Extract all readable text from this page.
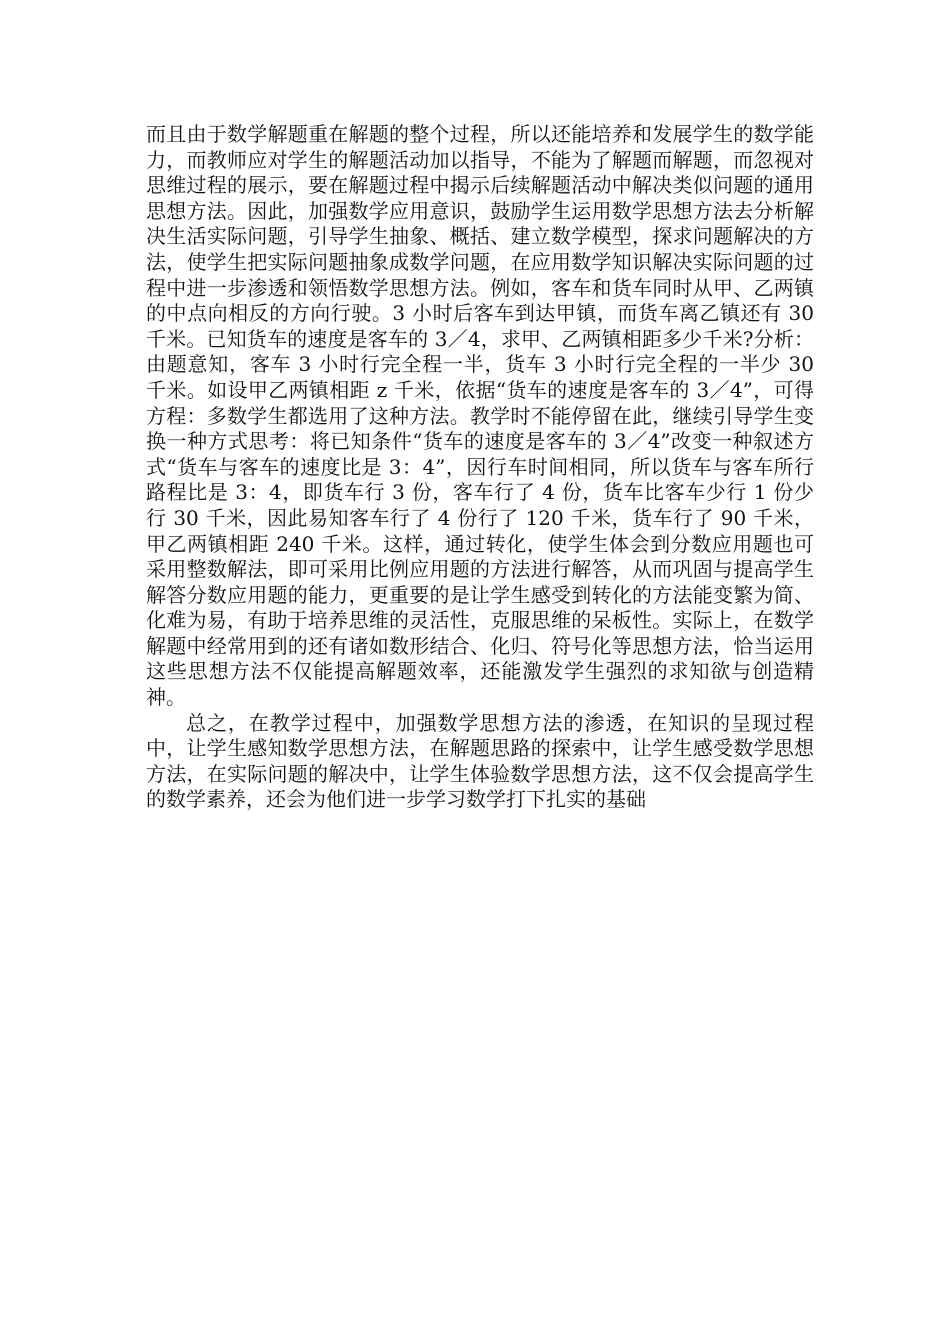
而且由于数学解题重在解题的整个过程，所以还能培养和发展学生的数学能力，而教师应对学生的解题活动加以指导，不能为了解题而解题，而忽视对思维过程的展示，要在解题过程中揭示后续解题活动中解决类似问题的通用思想方法。因此，加强数学应用意识，鼓励学生运用数学思想方法去分析解决生活实际问题，引导学生抽象、概括、建立数学模型，探求问题解决的方法，使学生把实际问题抽象成数学问题，在应用数学知识解决实际问题的过程中进一步渗透和领悟数学思想方法。例如，客车和货车同时从甲、乙两镇的中点向相反的方向行驶。3 小时后客车到达甲镇，而货车离乙镇还有 30 千米。已知货车的速度是客车的 3／4，求甲、乙两镇相距多少千米?分析：由题意知，客车 3 小时行完全程一半，货车 3 小时行完全程的一半少 30 千米。如设甲乙两镇相距 z 千米，依据“货车的速度是客车的 3／4”，可得方程：多数学生都选用了这种方法。教学时不能停留在此，继续引导学生变换一种方式思考：将已知条件“货车的速度是客车的 3／4”改变一种叙述方式“货车与客车的速度比是 3：4”，因行车时间相同，所以货车与客车所行路程比是 3：4，即货车行 3 份，客车行了 4 份，货车比客车少行 1 份少行 30 千米，因此易知客车行了 4 份行了 120 千米，货车行了 90 千米，甲乙两镇相距 240 千米。这样，通过转化，使学生体会到分数应用题也可采用整数解法，即可采用比例应用题的方法进行解答，从而巩固与提高学生解答分数应用题的能力，更重要的是让学生感受到转化的方法能变繁为简、化难为易，有助于培养思维的灵活性，克服思维的呆板性。实际上，在数学解题中经常用到的还有诸如数形结合、化归、符号化等思想方法，恰当运用这些思想方法不仅能提高解题效率，还能激发学生强烈的求知欲与创造精神。

总之，在教学过程中，加强数学思想方法的渗透，在知识的呈现过程中，让学生感知数学思想方法，在解题思路的探索中，让学生感受数学思想方法，在实际问题的解决中，让学生体验数学思想方法，这不仅会提高学生的数学素养，还会为他们进一步学习数学打下扎实的基础
